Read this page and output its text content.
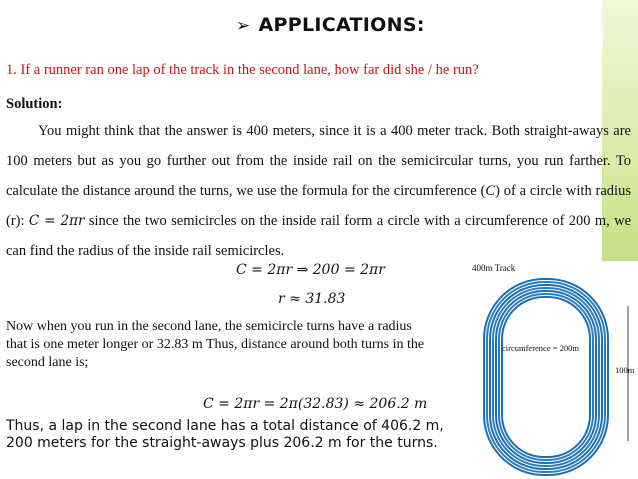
➢ APPLICATIONS:
1. If a runner ran one lap of the track in the second lane, how far did she / he run?
Solution:
You might think that the answer is 400 meters, since it is a 400 meter track. Both straight-aways are 100 meters but as you go further out from the inside rail on the semicircular turns, you run farther. To calculate the distance around the turns, we use the formula for the circumference (C) of a circle with radius (r): C = 2πr since the two semicircles on the inside rail form a circle with a circumference of 200 m, we can find the radius of the inside rail semicircles.
C = 2πr ⇒ 200 = 2πr
r ≈ 31.83
Now when you run in the second lane, the semicircle turns have a radius that is one meter longer or 32.83 m Thus, distance around both turns in the second lane is;
C = 2πr = 2π(32.83) ≈ 206.2 m
Thus, a lap in the second lane has a total distance of 406.2 m, 200 meters for the straight-aways plus 206.2 m for the turns.
400m Track
circumference = 200m
100m
